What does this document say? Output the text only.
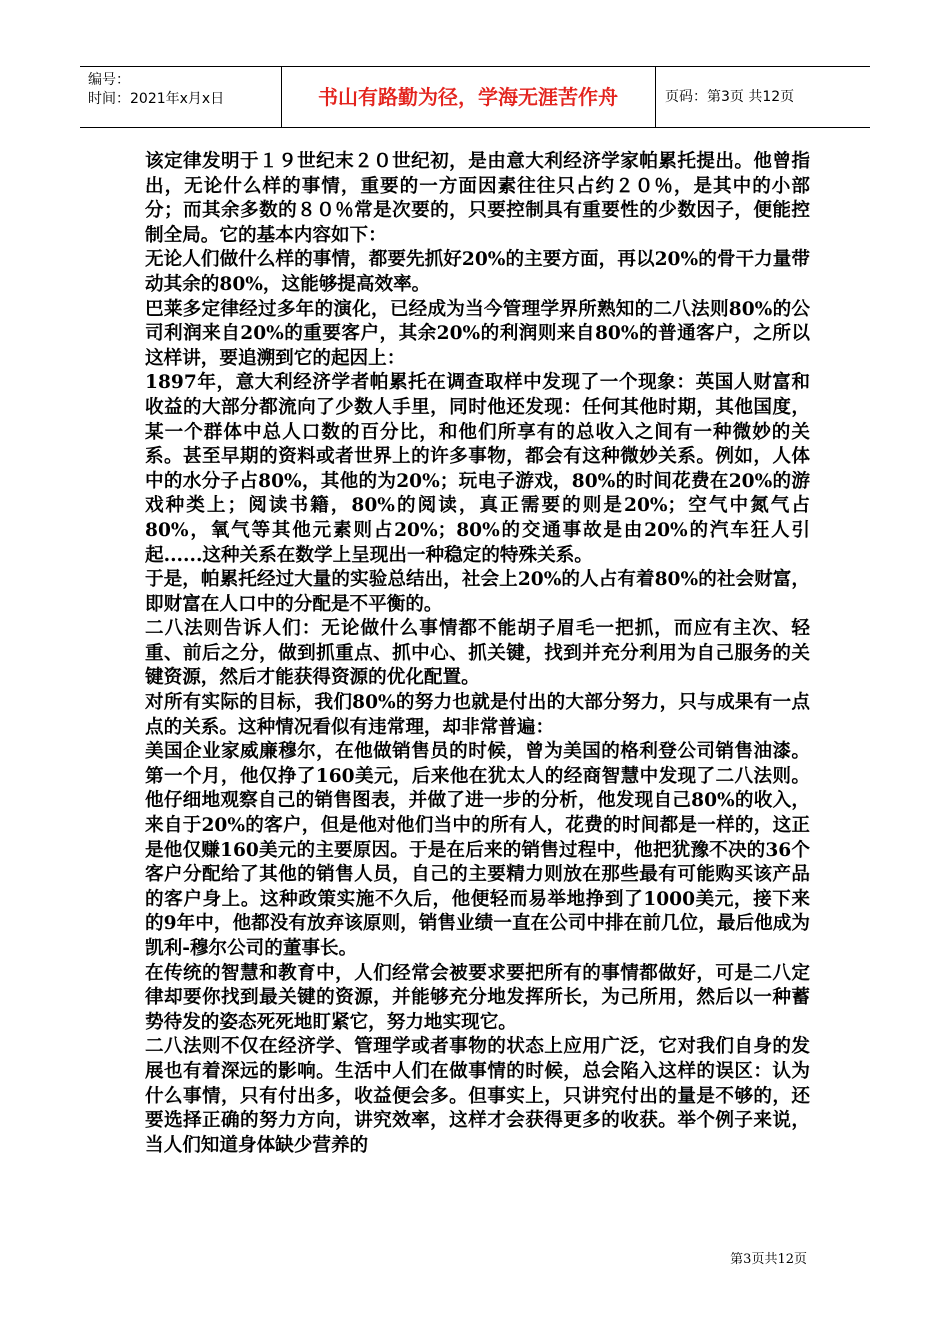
编号：
时间：2021年x月x日	书山有路勤为径，学海无涯苦作舟	页码：第3页 共12页

该定律发明于１９世纪末２０世纪初，是由意大利经济学家帕累托提出。他曾指出，无论什么样的事情，重要的一方面因素往往只占约２０％，是其中的小部分；而其余多数的８０％常是次要的，只要控制具有重要性的少数因子，便能控制全局。它的基本内容如下：

无论人们做什么样的事情，都要先抓好20%的主要方面，再以20%的骨干力量带动其余的80%，这能够提高效率。

巴莱多定律经过多年的演化，已经成为当今管理学界所熟知的二八法则80%的公司利润来自20%的重要客户，其余20%的利润则来自80%的普通客户，之所以这样讲，要追溯到它的起因上：

1897年，意大利经济学者帕累托在调查取样中发现了一个现象：英国人财富和收益的大部分都流向了少数人手里，同时他还发现：任何其他时期，其他国度，某一个群体中总人口数的百分比，和他们所享有的总收入之间有一种微妙的关系。甚至早期的资料或者世界上的许多事物，都会有这种微妙关系。例如，人体中的水分子占80%，其他的为20%；玩电子游戏，80%的时间花费在20%的游戏种类上；阅读书籍，80%的阅读，真正需要的则是20%；空气中氮气占80%，氧气等其他元素则占20%；80%的交通事故是由20%的汽车狂人引起......这种关系在数学上呈现出一种稳定的特殊关系。

于是，帕累托经过大量的实验总结出，社会上20%的人占有着80%的社会财富，即财富在人口中的分配是不平衡的。

二八法则告诉人们：无论做什么事情都不能胡子眉毛一把抓，而应有主次、轻重、前后之分，做到抓重点、抓中心、抓关键，找到并充分利用为自己服务的关键资源，然后才能获得资源的优化配置。

对所有实际的目标，我们80%的努力也就是付出的大部分努力，只与成果有一点点的关系。这种情况看似有违常理，却非常普遍：

美国企业家威廉穆尔，在他做销售员的时候，曾为美国的格利登公司销售油漆。第一个月，他仅挣了160美元，后来他在犹太人的经商智慧中发现了二八法则。他仔细地观察自己的销售图表，并做了进一步的分析，他发现自己80%的收入，来自于20%的客户，但是他对他们当中的所有人，花费的时间都是一样的，这正是他仅赚160美元的主要原因。于是在后来的销售过程中，他把犹豫不决的36个客户分配给了其他的销售人员，自己的主要精力则放在那些最有可能购买该产品的客户身上。这种政策实施不久后，他便轻而易举地挣到了1000美元，接下来的9年中，他都没有放弃该原则，销售业绩一直在公司中排在前几位，最后他成为凯利-穆尔公司的董事长。

在传统的智慧和教育中，人们经常会被要求要把所有的事情都做好，可是二八定律却要你找到最关键的资源，并能够充分地发挥所长，为己所用，然后以一种蓄势待发的姿态死死地盯紧它，努力地实现它。

二八法则不仅在经济学、管理学或者事物的状态上应用广泛，它对我们自身的发展也有着深远的影响。生活中人们在做事情的时候，总会陷入这样的误区：认为什么事情，只有付出多，收益便会多。但事实上，只讲究付出的量是不够的，还要选择正确的努力方向，讲究效率，这样才会获得更多的收获。举个例子来说，当人们知道身体缺少营养的

第3页共12页
